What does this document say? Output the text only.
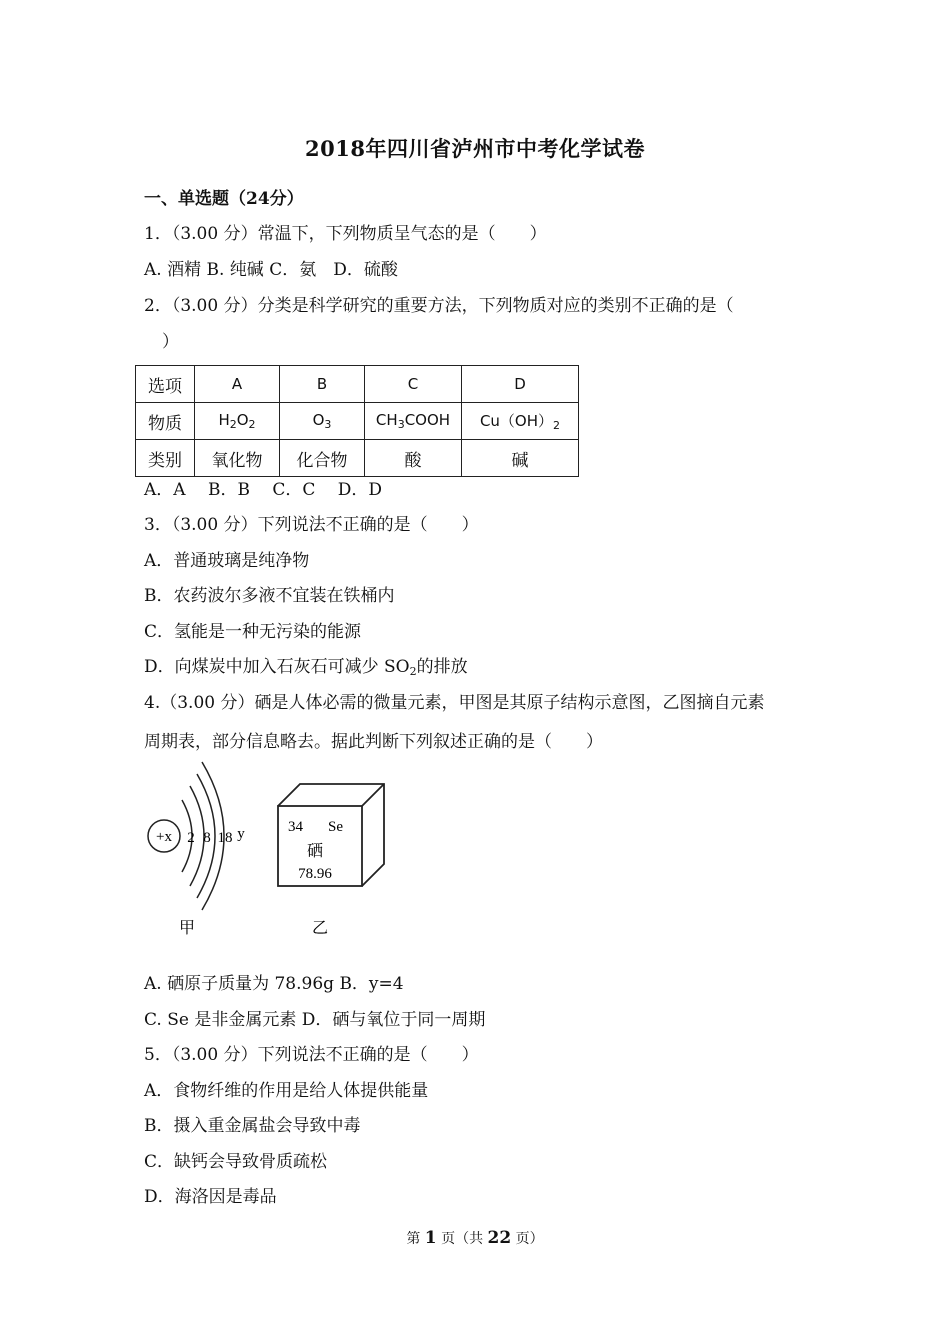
2018年四川省泸州市中考化学试卷
一、单选题（24分）
1．（3.00 分）常温下，下列物质呈气态的是（　　）
A. 酒精 B. 纯碱 C．氨　D．硫酸
2．（3.00 分）分类是科学研究的重要方法，下列物质对应的类别不正确的是（
）
选项	A	B	C	D
物质	$H_2O_2$	$O_3$	$CH_3COOH$	$Cu(OH)_2$
类别	氧化物	化合物	酸	碱
A．A　 B．B　 C．C　 D．D
3．（3.00 分）下列说法不正确的是（　　）
A．普通玻璃是纯净物
B．农药波尔多液不宜装在铁桶内
C．氢能是一种无污染的能源
D．向煤炭中加入石灰石可减少 $SO_2$的排放
4.（3.00 分）硒是人体必需的微量元素，甲图是其原子结构示意图，乙图摘自元素
周期表，部分信息略去。据此判断下列叙述正确的是（　　）
+x 2 8 18 y
甲
34 Se
硒
78.96
乙
A. 硒原子质量为 78.96g B．y=4
C. Se 是非金属元素 D．硒与氧位于同一周期
5．（3.00 分）下列说法不正确的是（　　）
A．食物纤维的作用是给人体提供能量
B．摄入重金属盐会导致中毒
C．缺钙会导致骨质疏松
D．海洛因是毒品
第 1 页（共 22 页）
